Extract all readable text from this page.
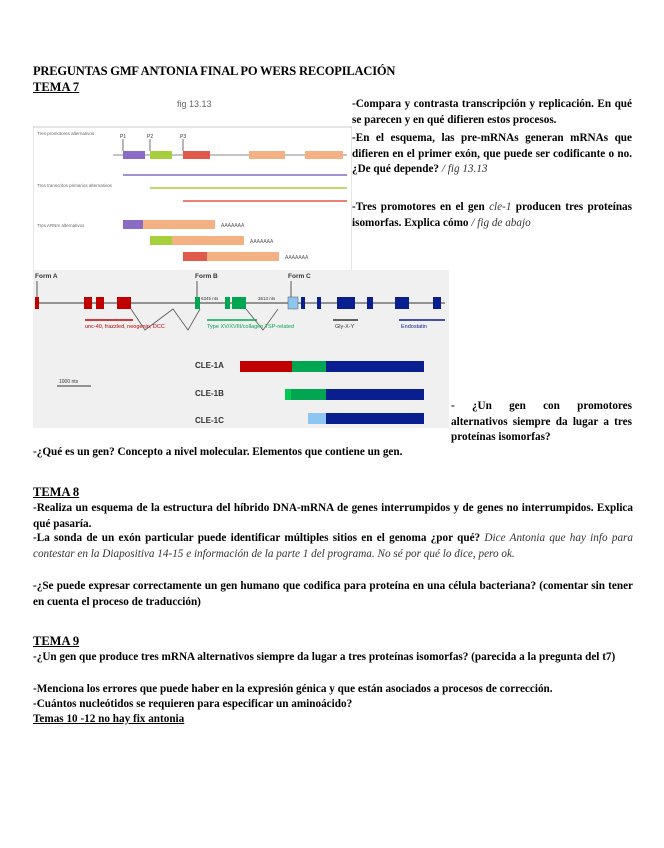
PREGUNTAS GMF ANTONIA FINAL PO WERS RECOPILACIÓN
TEMA 7
fig 13.13
Tres promotores alternativos
Tres transcritos primarios alternativos
Tres ARNm alternativos
P1	P2	P3
AAAAAAA
AAAAAAA
AAAAAAA
-Compara y contrasta transcripción y replicación. En qué se parecen y en qué difieren estos procesos.
-En el esquema, las pre-mRNAs generan mRNAs que difieren en el primer exón, que puede ser codificante o no. ¿De qué depende? / fig 13.13
-Tres promotores en el gen cle-1 producen tres proteínas isomorfas. Explica cómo / fig de abajo
Form A	Form B	Form C
6345 nts	3613 nts
unc-40, frazzled, neogenin, DCC	Type XV/XVIII/collagen TSP-related	Gly-X-Y	Endostatin
1000 nts
CLE-1A
CLE-1B
CLE-1C
- ¿Un gen con promotores alternativos siempre da lugar a tres proteínas isomorfas?
-¿Qué es un gen? Concepto a nivel molecular. Elementos que contiene un gen.
TEMA 8
-Realiza un esquema de la estructura del híbrido DNA-mRNA de genes interrumpidos y de genes no interrumpidos. Explica qué pasaría.
-La sonda de un exón particular puede identificar múltiples sitios en el genoma ¿por qué? Dice Antonia que hay info para contestar en la Diapositiva 14-15 e información de la parte 1 del programa. No sé por qué lo dice, pero ok.
-¿Se puede expresar correctamente un gen humano que codifica para proteína en una célula bacteriana? (comentar sin tener en cuenta el proceso de traducción)
TEMA 9
-¿Un gen que produce tres mRNA alternativos siempre da lugar a tres proteínas isomorfas? (parecida a la pregunta del t7)
-Menciona los errores que puede haber en la expresión génica y que están asociados a procesos de corrección.
-Cuántos nucleótidos se requieren para especificar un aminoácido?
Temas 10 -12 no hay fix antonia
